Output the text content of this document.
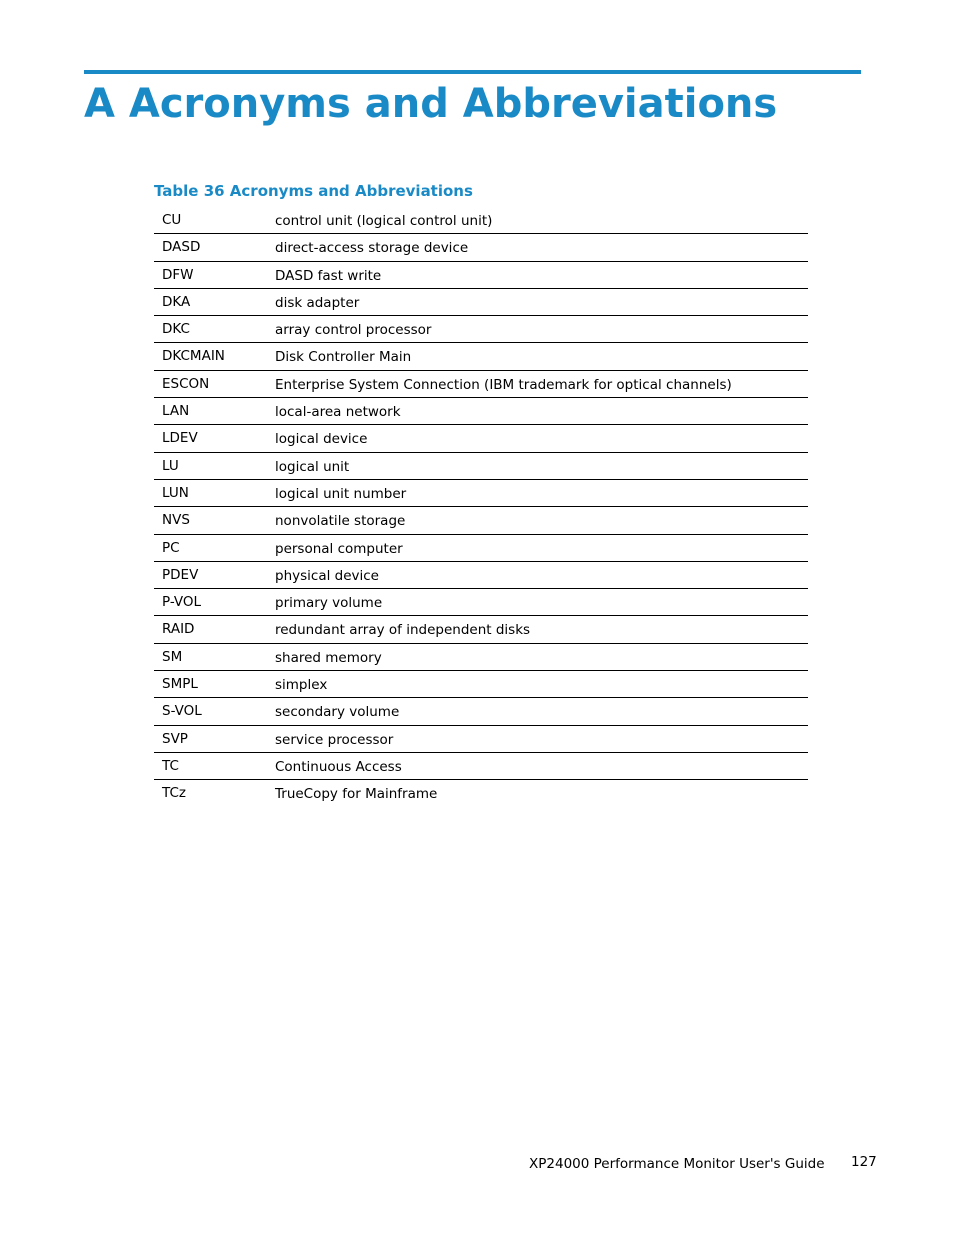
A Acronyms and Abbreviations
Table 36 Acronyms and Abbreviations
CU	control unit (logical control unit)
DASD	direct-access storage device
DFW	DASD fast write
DKA	disk adapter
DKC	array control processor
DKCMAIN	Disk Controller Main
ESCON	Enterprise System Connection (IBM trademark for optical channels)
LAN	local-area network
LDEV	logical device
LU	logical unit
LUN	logical unit number
NVS	nonvolatile storage
PC	personal computer
PDEV	physical device
P-VOL	primary volume
RAID	redundant array of independent disks
SM	shared memory
SMPL	simplex
S-VOL	secondary volume
SVP	service processor
TC	Continuous Access
TCz	TrueCopy for Mainframe
XP24000 Performance Monitor User's Guide 127
